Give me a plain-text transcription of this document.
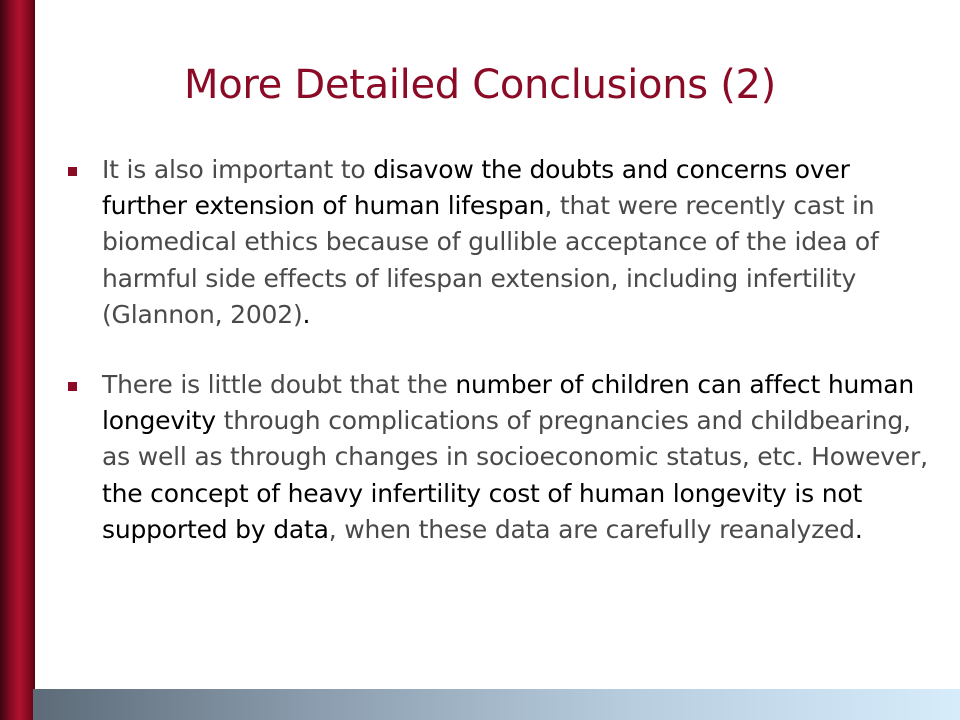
More Detailed Conclusions (2)
It is also important to disavow the doubts and concerns over further extension of human lifespan, that were recently cast in biomedical ethics because of gullible acceptance of the idea of harmful side effects of lifespan extension, including infertility (Glannon, 2002).
There is little doubt that the number of children can affect human longevity through complications of pregnancies and childbearing, as well as through changes in socioeconomic status, etc. However, the concept of heavy infertility cost of human longevity is not supported by data, when these data are carefully reanalyzed.
